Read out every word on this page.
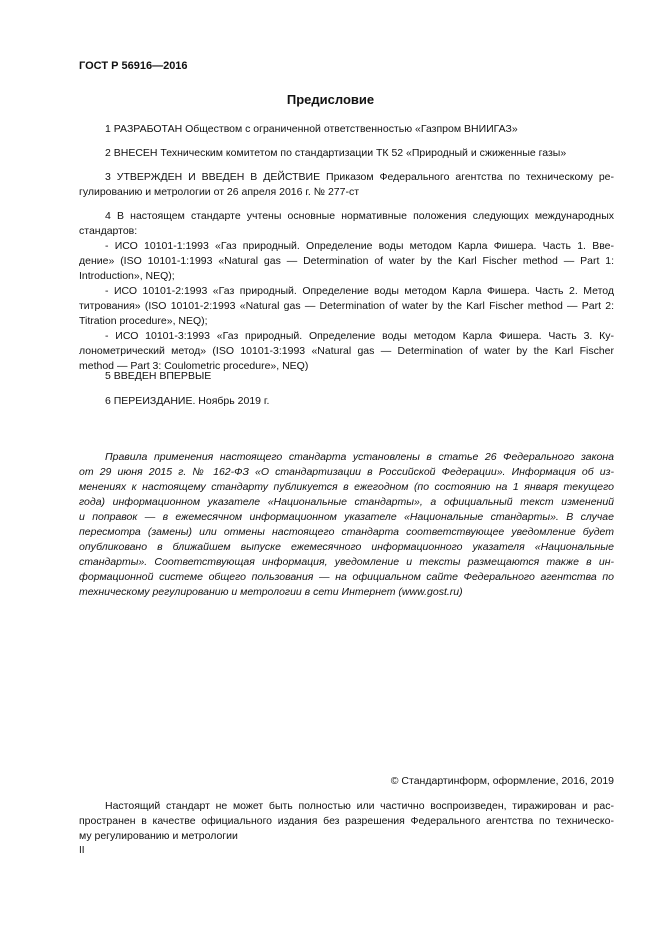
ГОСТ Р 56916—2016
Предисловие
1 РАЗРАБОТАН Обществом с ограниченной ответственностью «Газпром ВНИИГАЗ»
2 ВНЕСЕН Техническим комитетом по стандартизации ТК 52 «Природный и сжиженные газы»
3 УТВЕРЖДЕН И ВВЕДЕН В ДЕЙСТВИЕ Приказом Федерального агентства по техническому ре-
гулированию и метрологии от 26 апреля 2016 г. № 277-ст
4 В настоящем стандарте учтены основные нормативные положения следующих международных
стандартов:
- ИСО 10101-1:1993 «Газ природный. Определение воды методом Карла Фишера. Часть 1. Вве-
дение» (ISO 10101-1:1993 «Natural gas — Determination of water by the Karl Fischer method — Part 1:
Introduction», NEQ);
- ИСО 10101-2:1993 «Газ природный. Определение воды методом Карла Фишера. Часть 2. Метод
титрования» (ISO 10101-2:1993 «Natural gas — Determination of water by the Karl Fischer method — Part 2:
Titration procedure», NEQ);
- ИСО 10101-3:1993 «Газ природный. Определение воды методом Карла Фишера. Часть 3. Ку-
лонометрический метод» (ISO 10101-3:1993 «Natural gas — Determination of water by the Karl Fischer
method — Part 3: Coulometric procedure», NEQ)
5 ВВЕДЕН ВПЕРВЫЕ
6 ПЕРЕИЗДАНИЕ. Ноябрь 2019 г.
Правила применения настоящего стандарта установлены в статье 26 Федерального закона
от 29 июня 2015 г. № 162-ФЗ «О стандартизации в Российской Федерации». Информация об из-
менениях к настоящему стандарту публикуется в ежегодном (по состоянию на 1 января текущего
года) информационном указателе «Национальные стандарты», а официальный текст изменений
и поправок — в ежемесячном информационном указателе «Национальные стандарты». В случае
пересмотра (замены) или отмены настоящего стандарта соответствующее уведомление будет
опубликовано в ближайшем выпуске ежемесячного информационного указателя «Национальные
стандарты». Соответствующая информация, уведомление и тексты размещаются также в ин-
формационной системе общего пользования — на официальном сайте Федерального агентства по
техническому регулированию и метрологии в сети Интернет (www.gost.ru)
© Стандартинформ, оформление, 2016, 2019
Настоящий стандарт не может быть полностью или частично воспроизведен, тиражирован и рас-
пространен в качестве официального издания без разрешения Федерального агентства по техническо-
му регулированию и метрологии
II
